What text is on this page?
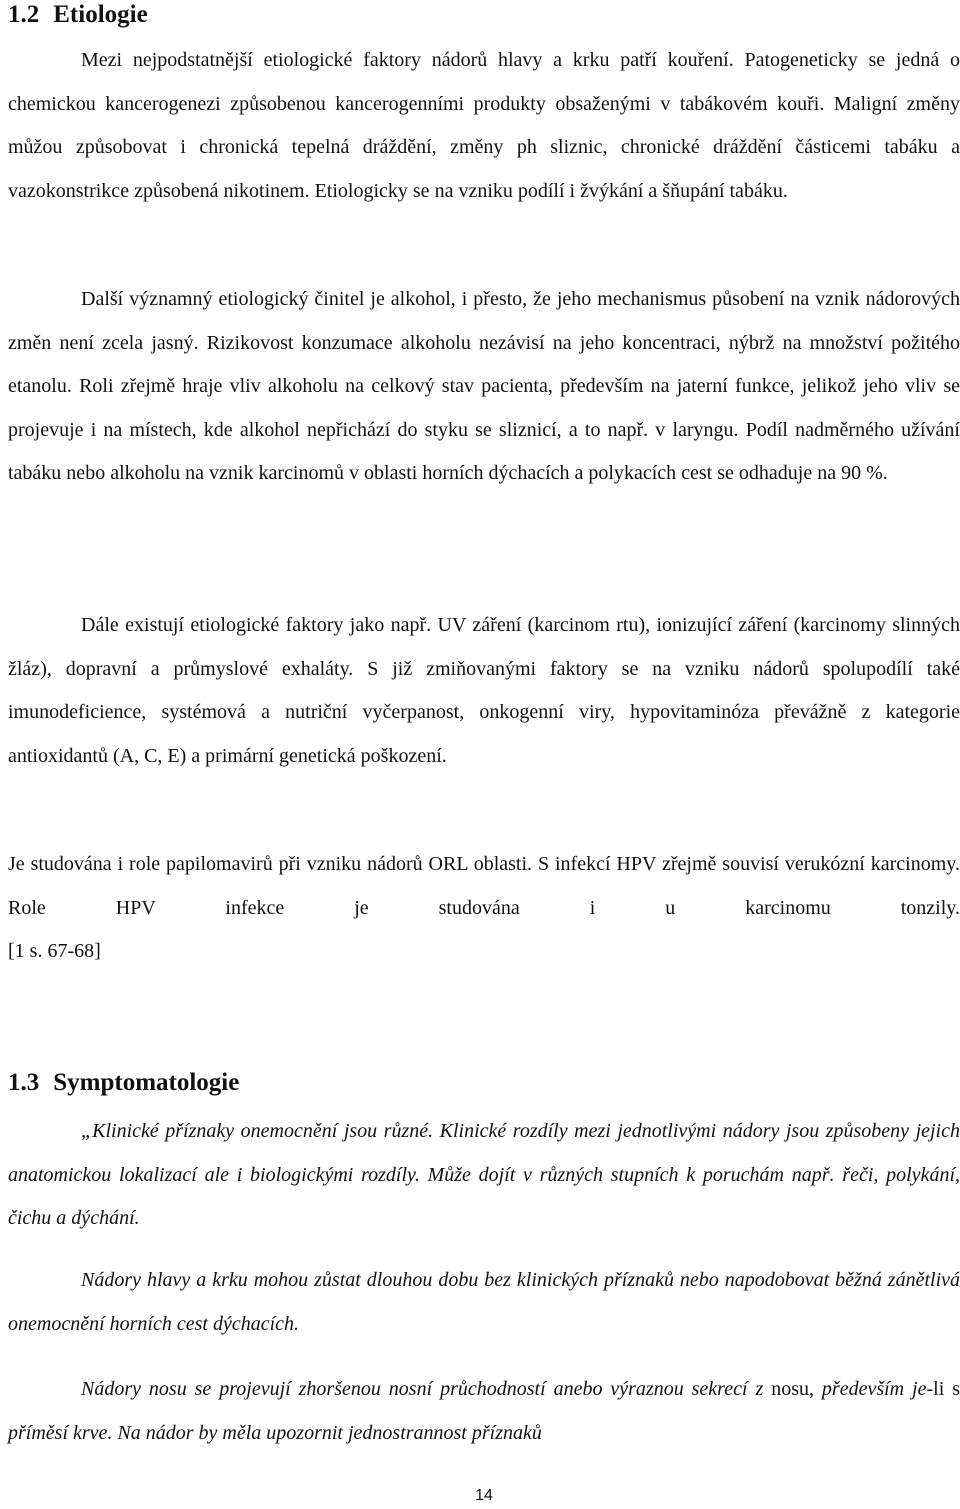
1.2 Etiologie

Mezi nejpodstatnější etiologické faktory nádorů hlavy a krku patří kouření. Patogeneticky se jedná o chemickou kancerogenezi způsobenou kancerogenními produkty obsaženými v tabákovém kouři. Maligní změny můžou způsobovat i chronická tepelná dráždění, změny ph sliznic, chronické dráždění částicemi tabáku a vazokonstrikce způsobená nikotinem. Etiologicky se na vzniku podílí i žvýkání a šňupání tabáku.

Další významný etiologický činitel je alkohol, i přesto, že jeho mechanismus působení na vznik nádorových změn není zcela jasný. Rizikovost konzumace alkoholu nezávisí na jeho koncentraci, nýbrž na množství požitého etanolu. Roli zřejmě hraje vliv alkoholu na celkový stav pacienta, především na jaterní funkce, jelikož jeho vliv se projevuje i na místech, kde alkohol nepřichází do styku se sliznicí, a to např. v laryngu. Podíl nadměrného užívání tabáku nebo alkoholu na vznik karcinomů v oblasti horních dýchacích a polykacích cest se odhaduje na 90 %.

Dále existují etiologické faktory jako např. UV záření (karcinom rtu), ionizující záření (karcinomy slinných žláz), dopravní a průmyslové exhaláty. S již zmiňovanými faktory se na vzniku nádorů spolupodílí také imunodeficience, systémová a nutriční vyčerpanost, onkogenní viry, hypovitaminóza převážně z kategorie antioxidantů (A, C, E) a primární genetická poškození.

Je studována i role papilomavirů při vzniku nádorů ORL oblasti. S infekcí HPV zřejmě souvisí verukózní karcinomy. Role HPV infekce je studována i u karcinomu tonzily.

[1 s. 67-68]

1.3 Symptomatologie

„Klinické příznaky onemocnění jsou různé. Klinické rozdíly mezi jednotlivými nádory jsou způsobeny jejich anatomickou lokalizací ale i biologickými rozdíly. Může dojít v různých stupních k poruchám např. řeči, polykání, čichu a dýchání.

Nádory hlavy a krku mohou zůstat dlouhou dobu bez klinických příznaků nebo napodobovat běžná zánětlivá onemocnění horních cest dýchacích.

Nádory nosu se projevují zhoršenou nosní průchodností anebo výraznou sekrecí z nosu, především je-li s příměsí krve. Na nádor by měla upozornit jednostrannost příznaků

14
